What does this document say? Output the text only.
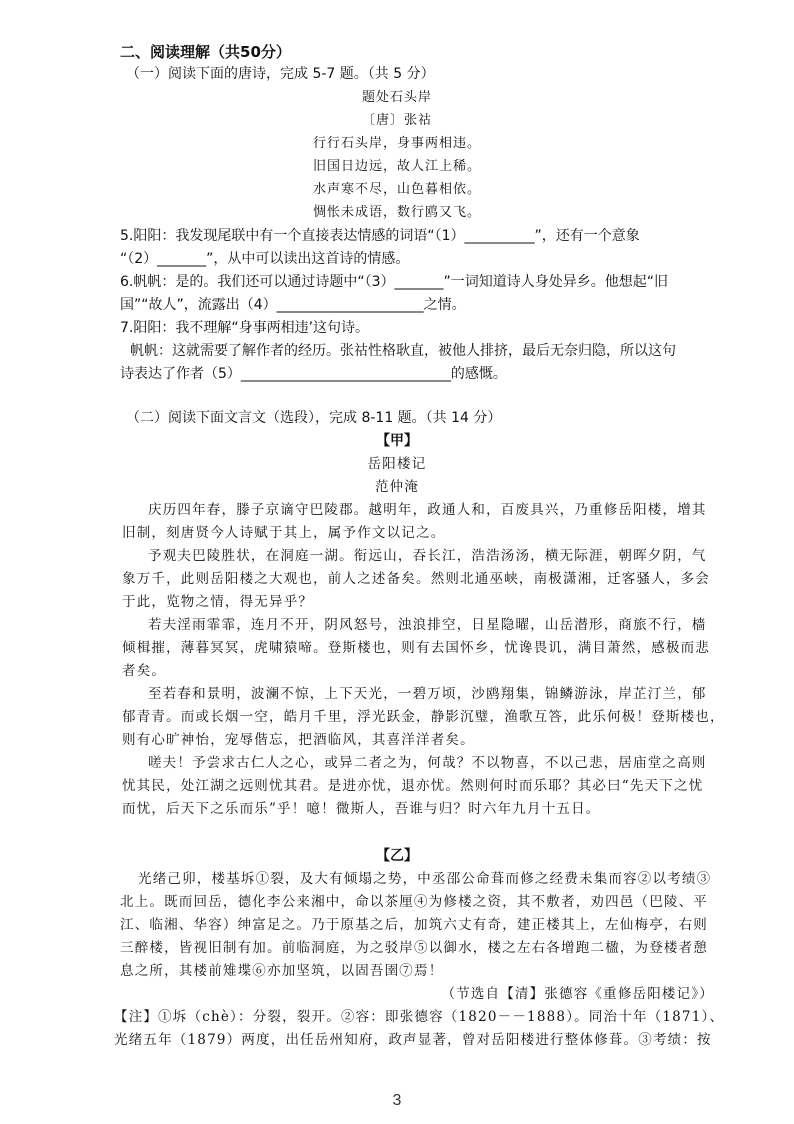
二、阅读理解（共50分）
（一）阅读下面的唐诗，完成 5-7 题。（共 5 分）
题处石头岸
〔唐〕张祜
行行石头岸，身事两相违。
旧国日边远，故人江上稀。
水声寒不尽，山色暮相依。
惆怅未成语，数行鸥又飞。
5.阳阳：我发现尾联中有一个直接表达情感的词语“（1）__________”，还有一个意象
“（2）_______”，从中可以读出这首诗的情感。
6.帆帆：是的。我们还可以通过诗题中“（3）_______”一词知道诗人身处异乡。他想起“旧
国”“故人”，流露出（4）_____________________之情。
7.阳阳：我不理解“身事两相违’这句诗。
帆帆：这就需要了解作者的经历。张祜性格耿直，被他人排挤，最后无奈归隐，所以这句
诗表达了作者（5）______________________________的感慨。
（二）阅读下面文言文（选段），完成 8-11 题。（共 14 分）
【甲】
岳阳楼记
范仲淹
庆历四年春，滕子京谪守巴陵郡。越明年，政通人和，百废具兴，乃重修岳阳楼，增其
旧制，刻唐贤今人诗赋于其上，属予作文以记之。
予观夫巴陵胜状，在洞庭一湖。衔远山，吞长江，浩浩汤汤，横无际涯，朝晖夕阴，气
象万千，此则岳阳楼之大观也，前人之述备矣。然则北通巫峡，南极潇湘，迁客骚人，多会
于此，览物之情，得无异乎？
若夫淫雨霏霏，连月不开，阴风怒号，浊浪排空，日星隐曜，山岳潜形，商旅不行，樯
倾楫摧，薄暮冥冥，虎啸猿啼。登斯楼也，则有去国怀乡，忧谗畏讥，满目萧然，感极而悲
者矣。
至若春和景明，波澜不惊，上下天光，一碧万顷，沙鸥翔集，锦鳞游泳，岸芷汀兰，郁
郁青青。而或长烟一空，皓月千里，浮光跃金，静影沉璧，渔歌互答，此乐何极！登斯楼也，
则有心旷神怡，宠辱偕忘，把酒临风，其喜洋洋者矣。
嗟夫！予尝求古仁人之心，或异二者之为，何哉？不以物喜，不以己悲，居庙堂之高则
忧其民，处江湖之远则忧其君。是进亦忧，退亦忧。然则何时而乐耶？其必曰“先天下之忧
而忧，后天下之乐而乐”乎！噫！微斯人，吾谁与归？时六年九月十五日。
【乙】
光绪己卯，楼基坼①裂，及大有倾塌之势，中丞邵公命葺而修之经费未集而容②以考绩③
北上。既而回岳，德化李公来湘中，命以茶厘④为修楼之资，其不敷者，劝四邑（巴陵、平
江、临湘、华容）绅富足之。乃于原基之后，加筑六丈有奇，建正楼其上，左仙梅亭，右则
三醉楼，皆视旧制有加。前临洞庭，为之驳岸⑤以御水，楼之左右各增跑二楹，为登楼者憩
息之所，其楼前雉堞⑥亦加坚筑，以固吾圉⑦焉！
（节选自【清】张德容《重修岳阳楼记》）
【注】①坼（chè）：分裂，裂开。②容：即张德容（1820－－1888）。同治十年（1871）、
光绪五年（1879）两度，出任岳州知府，政声显著，曾对岳阳楼进行整体修葺。③考绩：按
3
